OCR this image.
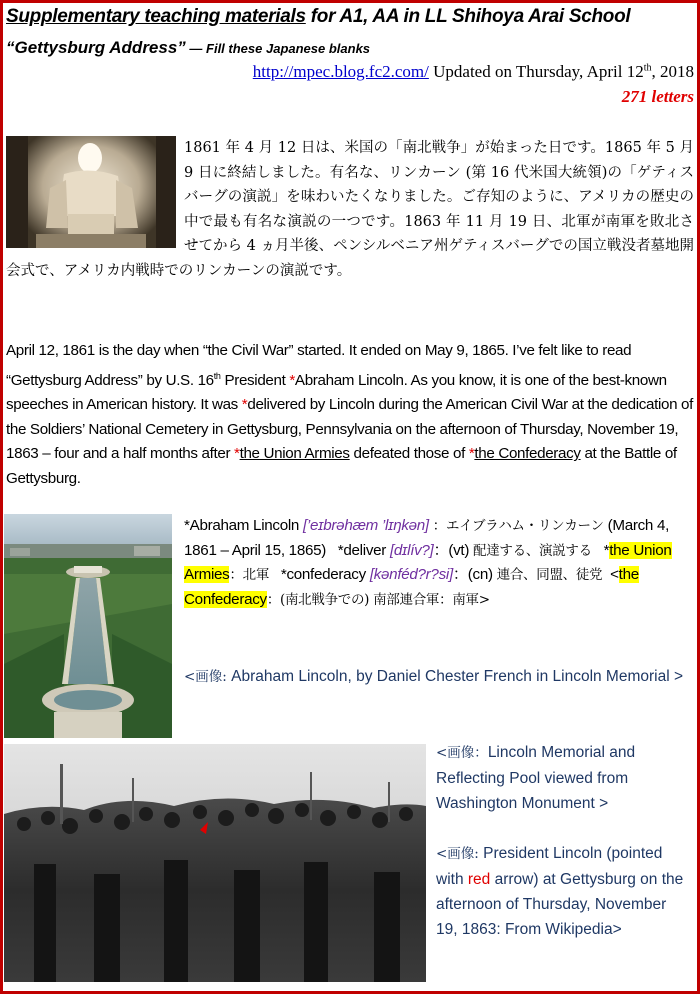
Supplementary teaching materials for A1, AA in LL Shihoya Arai School
“Gettysburg Address” — Fill these Japanese blanks
http://mpec.blog.fc2.com/ Updated on Thursday, April 12th, 2018
271 letters
1861 年 4 月 12 日は、米国の「南北戦争」が始まった日です。1865 年 5 月 9 日に終結しました。有名な、リンカーン (第 16 代米国大統領)の「ゲティスバーグの演説」を味わいたくなりました。ご存知のように、アメリカの歴史の中で最も有名な演説の一つです。1863 年 11 月 19 日、北軍が南軍を敗北させてから 4 ヵ月半後、ペンシルベニア州ゲティスバーグでの国立戦没者墓地開会式で、アメリカ内戦時でのリンカーンの演説です。
April 12, 1861 is the day when “the Civil War” started. It ended on May 9, 1865. I’ve felt like to read “Gettysburg Address” by U.S. 16th President *Abraham Lincoln. As you know, it is one of the best-known speeches in American history. It was *delivered by Lincoln during the American Civil War at the dedication of the Soldiers’ National Cemetery in Gettysburg, Pennsylvania on the afternoon of Thursday, November 19, 1863 – four and a half months after *the Union Armies defeated those of *the Confederacy at the Battle of Gettysburg.
*Abraham Lincoln [’eɪbrəhæm ’lɪŋkən] ：エイブラハム・リンカーン (March 4, 1861 – April 15, 1865) *deliver [dɪlív?]：(vt) 配達する、演説する *the Union Armies：北軍 *confederacy [kənféd?r?si]：(cn) 連合、同盟、徒党 <the Confederacy：(南北戦争での) 南部連合軍：南軍>
<画像: Abraham Lincoln, by Daniel Chester French in Lincoln Memorial >
<画像：Lincoln Memorial and Reflecting Pool viewed from Washington Monument >
<画像: President Lincoln (pointed with red arrow) at Gettysburg on the afternoon of Thursday, November 19, 1863: From Wikipedia>
